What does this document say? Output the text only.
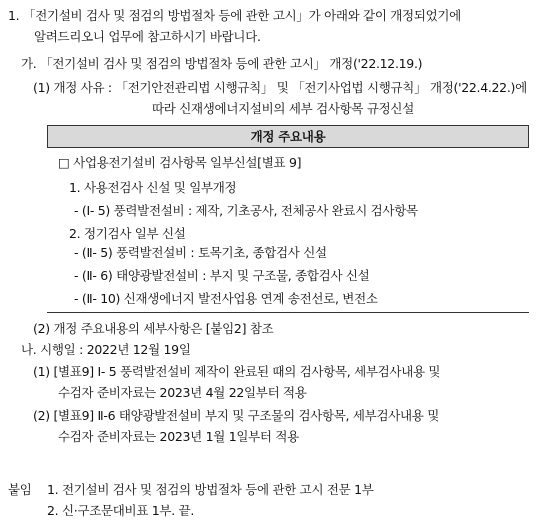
1. 「전기설비 검사 및 점검의 방법절차 등에 관한 고시」가 아래와 같이 개정되었기에
알려드리오니 업무에 참고하시기 바랍니다.
가. 「전기설비 검사 및 점검의 방법절차 등에 관한 고시」 개정('22.12.19.)
(1) 개정 사유 : 「전기안전관리법 시행규칙」 및 「전기사업법 시행규칙」 개정('22.4.22.)에
따라 신재생에너지설비의 세부 검사항목 규정신설
개정 주요내용
□ 사업용전기설비 검사항목 일부신설[별표 9]
1. 사용전검사 신설 및 일부개정
- (Ⅰ- 5) 풍력발전설비 : 제작, 기초공사, 전체공사 완료시 검사항목
2. 정기검사 일부 신설
- (Ⅱ- 5) 풍력발전설비 : 토목기초, 종합검사 신설
- (Ⅱ- 6) 태양광발전설비 : 부지 및 구조물, 종합검사 신설
- (Ⅱ- 10) 신재생에너지 발전사업용 연계 송전선로, 변전소
(2) 개정 주요내용의 세부사항은 [붙임2] 참조
나. 시행일 : 2022년 12월 19일
(1) [별표9] Ⅰ- 5 풍력발전설비 제작이 완료된 때의 검사항목, 세부검사내용 및
수검자 준비자료는 2023년 4월 22일부터 적용
(2) [별표9] Ⅱ-6 태양광발전설비 부지 및 구조물의 검사항목, 세부검사내용 및
수검자 준비자료는 2023년 1월 1일부터 적용
붙임 1. 전기설비 검사 및 점검의 방법절차 등에 관한 고시 전문 1부
2. 신·구조문대비표 1부. 끝.
